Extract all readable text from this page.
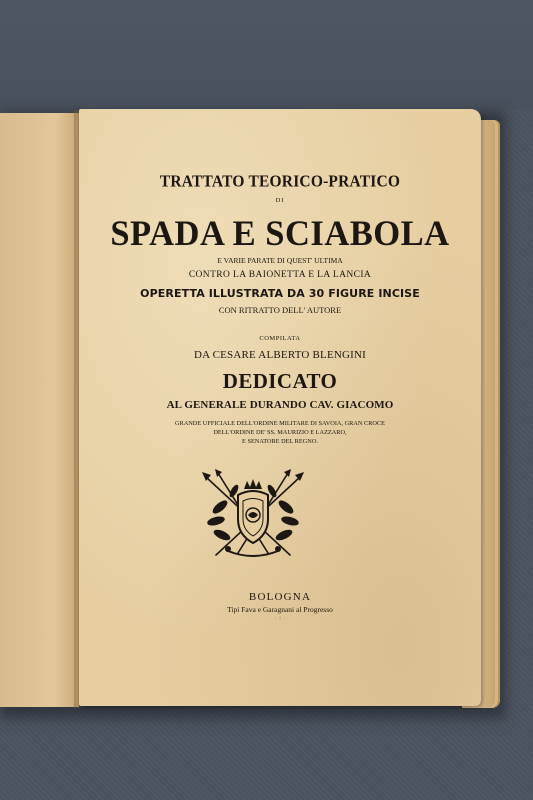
TRATTATO TEORICO-PRATICO
DI
SPADA E SCIABOLA
E VARIE PARATE DI QUEST' ULTIMA
CONTRO LA BAIONETTA E LA LANCIA
OPERETTA ILLUSTRATA DA 30 FIGURE INCISE
CON RITRATTO DELL' AUTORE
COMPILATA
DA CESARE ALBERTO BLENGINI
DEDICATO
AL GENERALE DURANDO CAV. GIACOMO
GRANDE UFFICIALE DELL'ORDINE MILITARE DI SAVOIA, GRAN CROCE
DELL'ORDINE DE' SS. MAURIZIO E LAZZARO,
E SENATORE DEL REGNO.
BOLOGNA
Tipi Fava e Garagnani al Progresso
- 1 -
